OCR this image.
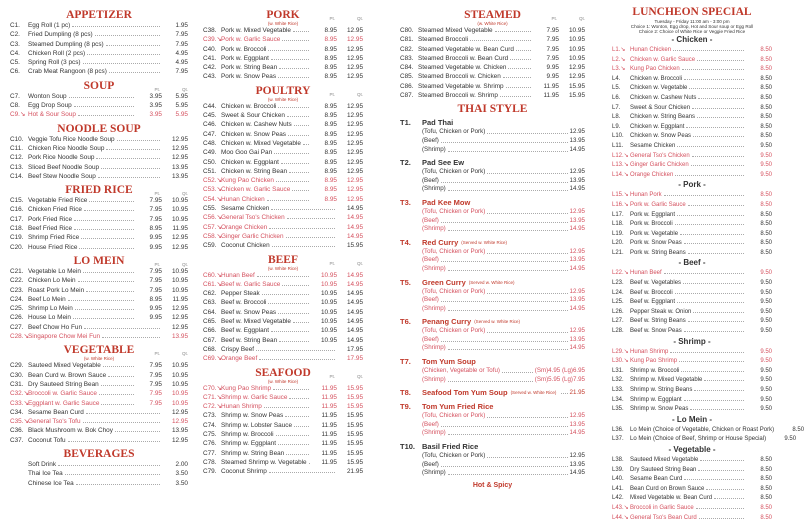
APPETIZER
C1.	Egg Roll (1 pc)	1.95
C2.	Fried Dumpling (8 pcs)	7.95
C3.	Steamed Dumpling (8 pcs)	7.95
C4.	Chicken Roll (2 pcs)	4.95
C5.	Spring Roll (3 pcs)	4.95
C6.	Crab Meat Rangoon (8 pcs)	7.95
SOUP	Pt.	Qt.
C7.	Wonton Soup	3.95	5.95
C8.	Egg Drop Soup	3.95	5.95
C9.↘ Hot & Sour Soup	3.95	5.95
NOODLE SOUP
C10. Veggie Tofu Rice Noodle Soup	12.95
C11. Chicken Rice Noodle Soup	12.95
C12. Pork Rice Noodle Soup	12.95
C13. Sliced Beef Noodle Soup	13.95
C14. Beef Stew Noodle Soup	13.95
FRIED RICE	Pt.	Qt.
C15. Vegetable Fried Rice	7.95	10.95
C16. Chicken Fried Rice	7.95	10.95
C17. Pork Fried Rice	7.95	10.95
C18. Beef Fried Rice	8.95	11.95
C19. Shrimp Fried Rice	9.95	12.95
C20. House Fried Rice	9.95	12.95
LO MEIN	Pt.	Qt.
C21. Vegetable Lo Mein	7.95	10.95
C22. Chicken Lo Mein	7.95	10.95
C23. Roast Pork Lo Mein	7.95	10.95
C24. Beef Lo Mein	8.95	11.95
C25. Shrimp Lo Mein	9.95	12.95
C26. House Lo Mein	9.95	12.95
C27. Beef Chow Ho Fun	12.95
C28.↘ Singapore Chow Mei Fun	13.95
VEGETABLE
(w. White Rice)
Pt.	Qt.
C29. Sauteed Mixed Vegetable	7.95	10.95
C30. Bean Curd w. Brown Sauce	7.95	10.95
C31. Dry Sauteed String Bean	7.95	10.95
C32.↘ Broccoli w. Garlic Sauce	7.95	10.95
C33.↘ Eggplant w. Garlic Sauce	7.95	10.95
C34. Sesame Bean Curd	12.95
C35.↘ General Tso's Tofu	12.95
C36. Black Mushroom w. Bok Choy	13.95
C37. Coconut Tofu	12.95
BEVERAGES
Soft Drink	2.00
Thai Ice Tea	3.50
Chinese Ice Tea	3.50
PORK
(w. White Rice)
Pt.	Qt.
C38. Pork w. Mixed Vegetable	8.95	12.95
C39.↘ Pork w. Garlic Sauce	8.95	12.95
C40. Pork w. Broccoli	8.95	12.95
C41. Pork w. Eggplant	8.95	12.95
C42. Pork w. String Bean	8.95	12.95
C43. Pork w. Snow Peas	8.95	12.95
POULTRY
(w. White Rice)
Pt.	Qt.
C44. Chicken w. Broccoli	8.95	12.95
C45. Sweet & Sour Chicken	8.95	12.95
C46. Chicken w. Cashew Nuts	8.95	12.95
C47. Chicken w. Snow Peas	8.95	12.95
C48. Chicken w. Mixed Vegetable	8.95	12.95
C49. Moo Goo Gai Pan	8.95	12.95
C50. Chicken w. Eggplant	8.95	12.95
C51. Chicken w. String Bean	8.95	12.95
C52.↘ Kung Pao Chicken	8.95	12.95
C53.↘ Chicken w. Garlic Sauce	8.95	12.95
C54.↘ Hunan Chicken	8.95	12.95
C55. Sesame Chicken	14.95
C56.↘ General Tso's Chicken	14.95
C57.↘ Orange Chicken	14.95
C58.↘ Ginger Garlic Chicken	14.95
C59. Coconut Chicken	15.95
BEEF
(w. White Rice)
Pt.	Qt.
C60.↘ Hunan Beef	10.95	14.95
C61.↘ Beef w. Garlic Sauce	10.95	14.95
C62. Pepper Steak	10.95	14.95
C63. Beef w. Broccoli	10.95	14.95
C64. Beef w. Snow Peas	10.95	14.95
C65. Beef w. Mixed Vegetable	10.95	14.95
C66. Beef w. Eggplant	10.95	14.95
C67. Beef w. String Bean	10.95	14.95
C68. Crispy Beef	17.95
C69.↘ Orange Beef	17.95
SEAFOOD
(w. White Rice)
Pt.	Qt.
C70.↘ Kung Pao Shrimp	11.95	15.95
C71.↘ Shrimp w. Garlic Sauce	11.95	15.95
C72.↘ Hunan Shrimp	11.95	15.95
C73. Shrimp w. Snow Peas	11.95	15.95
C74. Shrimp w. Lobster Sauce	11.95	15.95
C75. Shrimp w. Broccoli	11.95	15.95
C76. Shrimp w. Eggplant	11.95	15.95
C77. Shrimp w. String Bean	11.95	15.95
C78. Steamed Shrimp w. Vegetable	11.95	15.95
C79. Coconut Shrimp	21.95
STEAMED
(w. White Rice)
Pt.	Qt.
C80. Steamed Mixed Vegetable	7.95	10.95
C81. Steamed Broccoli	7.95	10.95
C82. Steamed Vegetable w. Bean Curd	7.95	10.95
C83. Steamed Broccoli w. Bean Curd	7.95	10.95
C84. Steamed Vegetable w. Chicken	9.95	12.95
C85. Steamed Broccoli w. Chicken	9.95	12.95
C86. Steamed Vegetable w. Shrimp	11.95	15.95
C87. Steamed Broccoli w. Shrimp	11.95	15.95
THAI STYLE
T1.	Pad Thai
(Tofu, Chicken or Pork)	12.95
(Beef)	13.95
(Shrimp)	14.95
T2.	Pad See Ew
(Tofu, Chicken or Pork)	12.95
(Beef)	13.95
(Shrimp)	14.95
T3.	Pad Kee Mow
(Tofu, Chicken or Pork)	12.95
(Beef)	13.95
(Shrimp)	14.95
T4.	Red Curry (Served w. White Rice)
(Tofu, Chicken or Pork)	12.95
(Beef)	13.95
(Shrimp)	14.95
T5.	Green Curry (Served w. White Rice)
(Tofu, Chicken or Pork)	12.95
(Beef)	13.95
(Shrimp)	14.95
T6.	Penang Curry (Served w. White Rice)
(Tofu, Chicken or Pork)	12.95
(Beef)	13.95
(Shrimp)	14.95
T7.	Tom Yum Soup
(Chicken, Vegetable or Tofu)	(Sm)4.95 (Lg)6.95
(Shrimp)	(Sm)5.95 (Lg)7.95
T8.	Seafood Tom Yum Soup (Served w. White Rice) 21.95
T9.	Tom Yum Fried Rice
(Tofu, Chicken or Pork)	12.95
(Beef)	13.95
(Shrimp)	14.95
T10. Basil Fried Rice
(Tofu, Chicken or Pork)	12.95
(Beef)	13.95
(Shrimp)	14.95
Hot & Spicy
LUNCHEON SPECIAL
Tuesday - Friday 11:00 am - 3:00 pm
Choice 1: Wonton, Egg drop, Hot and Sour soup or Egg Roll
Choice 2: Choice of White Rice or Veggie Fried Rice
- Chicken -
L1.↘ Hunan Chicken	8.50
L2.↘ Chicken w. Garlic Sauce	8.50
L3.↘ Kung Pao Chicken	8.50
L4.	Chicken w. Broccoli	8.50
L5.	Chicken w. Vegetable	8.50
L6.	Chicken w. Cashew Nuts	8.50
L7.	Sweet & Sour Chicken	8.50
L8.	Chicken w. String Beans	8.50
L9.	Chicken w. Eggplant	8.50
L10.	Chicken w. Snow Peas	8.50
L11.	Sesame Chicken	9.50
L12.↘ General Tso's Chicken	9.50
L13.↘ Ginger Garlic Chicken	9.50
L14.↘ Orange Chicken	9.50
- Pork -
L15.↘ Hunan Pork	8.50
L16.↘ Pork w. Garlic Sauce	8.50
L17.	Pork w. Eggplant	8.50
L18.	Pork w. Broccoli	8.50
L19.	Pork w. Vegetable	8.50
L20.	Pork w. Snow Peas	8.50
L21.	Pork w. String Beans	8.50
- Beef -
L22.↘ Hunan Beef	9.50
L23.	Beef w. Vegetables	9.50
L24.	Beef w. Broccoli	9.50
L25.	Beef w. Eggplant	9.50
L26.	Pepper Steak w. Onion	9.50
L27.	Beef w. String Beans	9.50
L28.	Beef w. Snow Peas	9.50
- Shrimp -
L29.↘ Hunan Shrimp	9.50
L30.↘ Kung Pao Shrimp	9.50
L31.	Shrimp w. Broccoli	9.50
L32.	Shrimp w. Mixed Vegetable	9.50
L33.	Shrimp w. String Beans	9.50
L34.	Shrimp w. Eggplant	9.50
L35.	Shrimp w. Snow Peas	9.50
- Lo Mein -
L36.	Lo Mein (Choice of Vegetable, Chicken or Roast Pork)	8.50
L37.	Lo Mein (Choice of Beef, Shrimp or House Special)	9.50
- Vegetable -
L38.	Sauteed Mixed Vegetable	8.50
L39.	Dry Sauteed String Bean	8.50
L40.	Sesame Bean Curd	8.50
L41.	Bean Curd on Brown Sauce	8.50
L42.	Mixed Vegetable w. Bean Curd	8.50
L43.↘ Broccoli in Garlic Sauce	8.50
L44.↘ General Tso's Bean Curd	8.50
